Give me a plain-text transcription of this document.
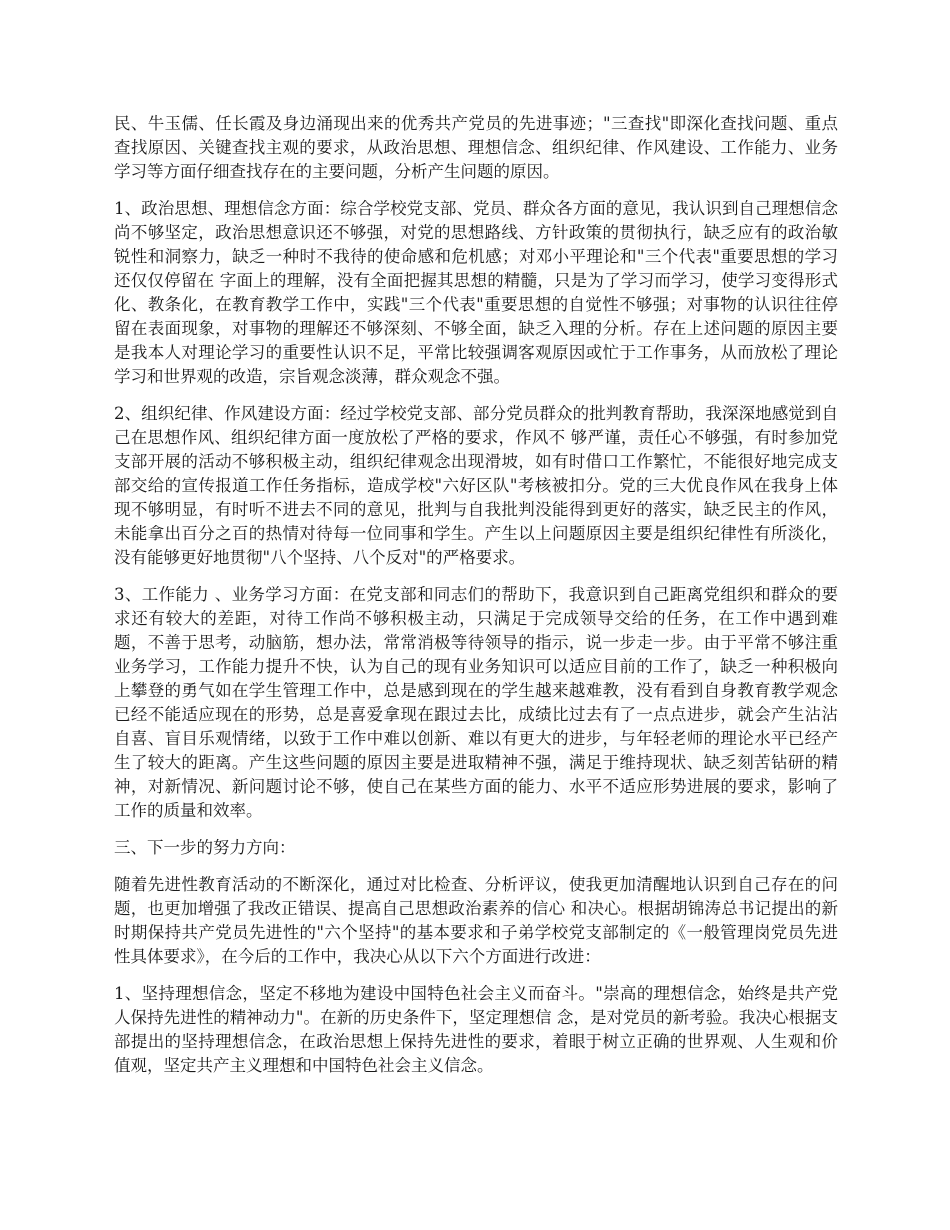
民、牛玉儒、任长霞及身边涌现出来的优秀共产党员的先进事迹；"三查找"即深化查找问题、重点查找原因、关键查找主观的要求，从政治思想、理想信念、组织纪律、作风建设、工作能力、业务学习等方面仔细查找存在的主要问题，分析产生问题的原因。

1、政治思想、理想信念方面：综合学校党支部、党员、群众各方面的意见，我认识到自己理想信念尚不够坚定，政治思想意识还不够强，对党的思想路线、方针政策的贯彻执行，缺乏应有的政治敏锐性和洞察力，缺乏一种时不我待的使命感和危机感；对邓小平理论和"三个代表"重要思想的学习还仅仅停留在 字面上的理解，没有全面把握其思想的精髓，只是为了学习而学习，使学习变得形式化、教条化，在教育教学工作中，实践"三个代表"重要思想的自觉性不够强；对事物的认识往往停留在表面现象，对事物的理解还不够深刻、不够全面，缺乏入理的分析。存在上述问题的原因主要是我本人对理论学习的重要性认识不足，平常比较强调客观原因或忙于工作事务，从而放松了理论学习和世界观的改造，宗旨观念淡薄，群众观念不强。

2、组织纪律、作风建设方面：经过学校党支部、部分党员群众的批判教育帮助，我深深地感觉到自己在思想作风、组织纪律方面一度放松了严格的要求，作风不 够严谨，责任心不够强，有时参加党支部开展的活动不够积极主动，组织纪律观念出现滑坡，如有时借口工作繁忙，不能很好地完成支部交给的宣传报道工作任务指标，造成学校"六好区队"考核被扣分。党的三大优良作风在我身上体现不够明显，有时听不进去不同的意见，批判与自我批判没能得到更好的落实，缺乏民主的作风，未能拿出百分之百的热情对待每一位同事和学生。产生以上问题原因主要是组织纪律性有所淡化，没有能够更好地贯彻"八个坚持、八个反对"的严格要求。

3、工作能力 、业务学习方面：在党支部和同志们的帮助下，我意识到自己距离党组织和群众的要求还有较大的差距，对待工作尚不够积极主动，只满足于完成领导交给的任务，在工作中遇到难题，不善于思考，动脑筋，想办法，常常消极等待领导的指示，说一步走一步。由于平常不够注重业务学习，工作能力提升不快，认为自己的现有业务知识可以适应目前的工作了，缺乏一种积极向上攀登的勇气如在学生管理工作中，总是感到现在的学生越来越难教，没有看到自身教育教学观念已经不能适应现在的形势，总是喜爱拿现在跟过去比，成绩比过去有了一点点进步，就会产生沾沾自喜、盲目乐观情绪，以致于工作中难以创新、难以有更大的进步，与年轻老师的理论水平已经产生了较大的距离。产生这些问题的原因主要是进取精神不强，满足于维持现状、缺乏刻苦钻研的精神，对新情况、新问题讨论不够，使自己在某些方面的能力、水平不适应形势进展的要求，影响了工作的质量和效率。

三、下一步的努力方向：

随着先进性教育活动的不断深化，通过对比检查、分析评议，使我更加清醒地认识到自己存在的问题，也更加增强了我改正错误、提高自己思想政治素养的信心 和决心。根据胡锦涛总书记提出的新时期保持共产党员先进性的"六个坚持"的基本要求和子弟学校党支部制定的《一般管理岗党员先进性具体要求》，在今后的工作中，我决心从以下六个方面进行改进：

1、坚持理想信念，坚定不移地为建设中国特色社会主义而奋斗。"崇高的理想信念，始终是共产党人保持先进性的精神动力"。在新的历史条件下，坚定理想信 念，是对党员的新考验。我决心根据支部提出的坚持理想信念，在政治思想上保持先进性的要求，着眼于树立正确的世界观、人生观和价值观，坚定共产主义理想和中国特色社会主义信念。
